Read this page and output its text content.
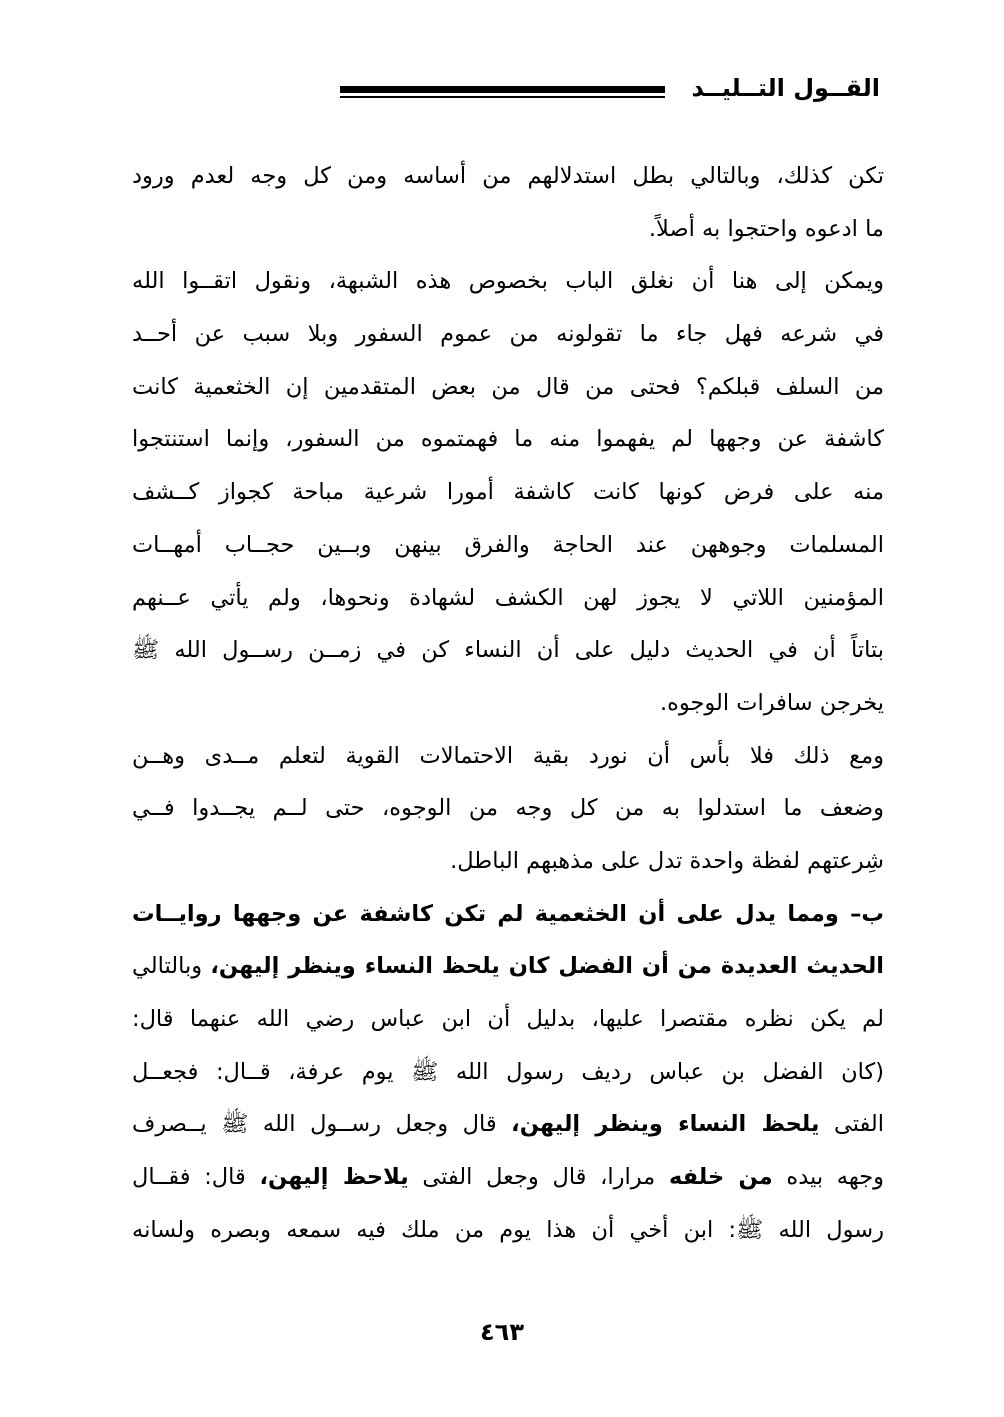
القــول التــليــد
تكن كذلك، وبالتالي بطل استدلالهم من أساسه ومن كل وجه لعدم ورود
ما ادعوه واحتجوا به أصلاً.
ويمكن إلى هنا أن نغلق الباب بخصوص هذه الشبهة، ونقول اتقــوا الله
في شرعه فهل جاء ما تقولونه من عموم السفور وبلا سبب عن أحــد
من السلف قبلكم؟ فحتى من قال من بعض المتقدمين إن الخثعمية كانت
كاشفة عن وجهها لم يفهموا منه ما فهمتموه من السفور، وإنما استنتجوا
منه على فرض كونها كانت كاشفة أمورا شرعية مباحة كجواز كــشف
المسلمات وجوههن عند الحاجة والفرق بينهن وبــين حجــاب أمهــات
المؤمنين اللاتي لا يجوز لهن الكشف لشهادة ونحوها، ولم يأتي عــنهم
بتاتاً أن في الحديث دليل على أن النساء كن في زمــن رســول الله ﷺ
يخرجن سافرات الوجوه.
ومع ذلك فلا بأس أن نورد بقية الاحتمالات القوية لتعلم مــدى وهــن
وضعف ما استدلوا به من كل وجه من الوجوه، حتى لــم يجــدوا فــي
شِرعتهم لفظة واحدة تدل على مذهبهم الباطل.
ب– ومما يدل على أن الخثعمية لم تكن كاشفة عن وجهها روايــات
الحديث العديدة من أن الفضل كان يلحظ النساء وينظر إليهن، وبالتالي
لم يكن نظره مقتصرا عليها، بدليل أن ابن عباس رضي الله عنهما قال:
(كان الفضل بن عباس رديف رسول الله ﷺ يوم عرفة، قــال: فجعــل
الفتى يلحظ النساء وينظر إليهن، قال وجعل رســول الله ﷺ يــصرف
وجهه بيده من خلفه مرارا، قال وجعل الفتى يلاحظ إليهن، قال: فقــال
رسول الله ﷺ: ابن أخي أن هذا يوم من ملك فيه سمعه وبصره ولسانه
٤٦٣
